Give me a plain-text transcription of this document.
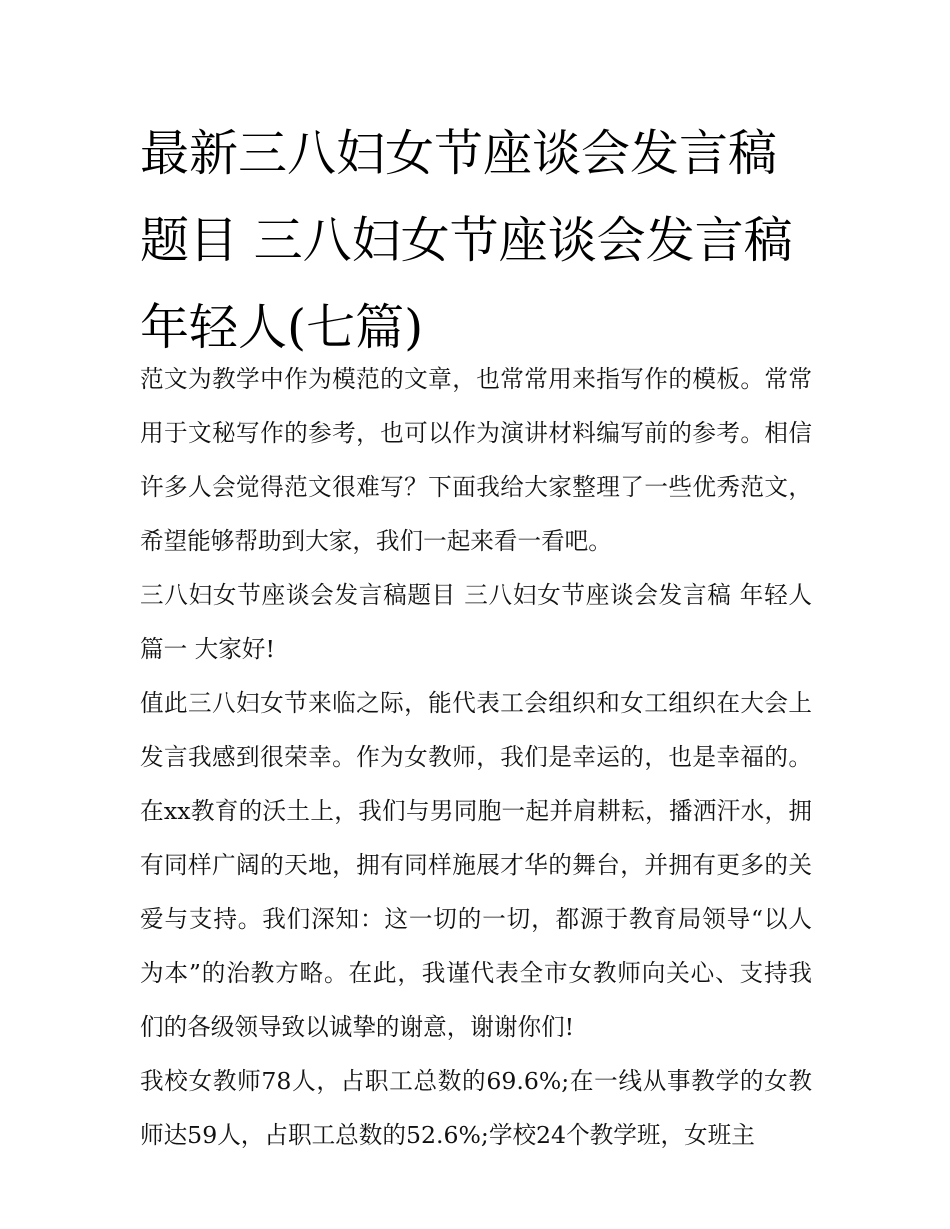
最新三八妇女节座谈会发言稿题目 三八妇女节座谈会发言稿年轻人(七篇)

范文为教学中作为模范的文章，也常常用来指写作的模板。常常用于文秘写作的参考，也可以作为演讲材料编写前的参考。相信许多人会觉得范文很难写？下面我给大家整理了一些优秀范文，希望能够帮助到大家，我们一起来看一看吧。

三八妇女节座谈会发言稿题目 三八妇女节座谈会发言稿 年轻人篇一 大家好!

值此三八妇女节来临之际，能代表工会组织和女工组织在大会上发言我感到很荣幸。作为女教师，我们是幸运的，也是幸福的。在xx教育的沃土上，我们与男同胞一起并肩耕耘，播洒汗水，拥有同样广阔的天地，拥有同样施展才华的舞台，并拥有更多的关爱与支持。我们深知：这一切的一切，都源于教育局领导“以人为本”的治教方略。在此，我谨代表全市女教师向关心、支持我们的各级领导致以诚挚的谢意，谢谢你们!

我校女教师78人，占职工总数的69.6%;在一线从事教学的女教师达59人，占职工总数的52.6%;学校24个教学班，女班主
